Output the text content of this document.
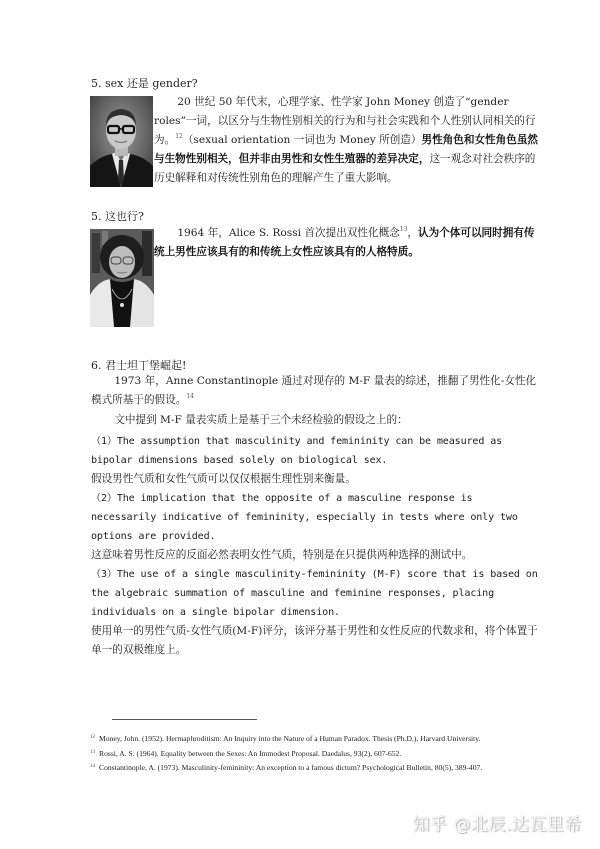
5. sex 还是 gender?
20 世纪 50 年代末，心理学家、性学家 John Money 创造了“gender roles”一词，以区分与生物性别相关的行为和与社会实践和个人性别认同相关的行为。$^{12}$（sexual orientation 一词也为 Money 所创造）男性角色和女性角色虽然与生物性别相关，但并非由男性和女性生殖器的差异决定，这一观念对社会秩序的历史解释和对传统性别角色的理解产生了重大影响。
5. 这也行?
1964 年，Alice S. Rossi 首次提出双性化概念$^{13}$，认为个体可以同时拥有传统上男性应该具有的和传统上女性应该具有的人格特质。
6. 君士坦丁堡崛起!
1973 年，Anne Constantinople 通过对现存的 M-F 量表的综述，推翻了男性化-女性化模式所基于的假设。$^{14}$
文中提到 M-F 量表实质上是基于三个未经检验的假设之上的：
（1）The assumption that masculinity and femininity can be measured as bipolar dimensions based solely on biological sex.
假设男性气质和女性气质可以仅仅根据生理性别来衡量。
（2）The implication that the opposite of a masculine response is necessarily indicative of femininity, especially in tests where only two options are provided.
这意味着男性反应的反面必然表明女性气质，特别是在只提供两种选择的测试中。
（3）The use of a single masculinity-femininity (M-F) score that is based on the algebraic summation of masculine and feminine responses, placing individuals on a single bipolar dimension.
使用单一的男性气质-女性气质(M-F)评分，该评分基于男性和女性反应的代数求和，将个体置于单一的双极维度上。
$^{12}$ Money, John. (1952). Hermaphroditism: An Inquiry into the Nature of a Human Paradox. Thesis (Ph.D.), Harvard University.
$^{13}$ Rossi, A. S. (1964). Equality between the Sexes: An Immodest Proposal. Daedalus, 93(2), 607-652.
$^{14}$ Constantinople, A. (1973). Masculinity-femininity: An exception to a famous dictum? Psychological Bulletin, 80(5), 389-407.
知乎 @北辰.达瓦里希
